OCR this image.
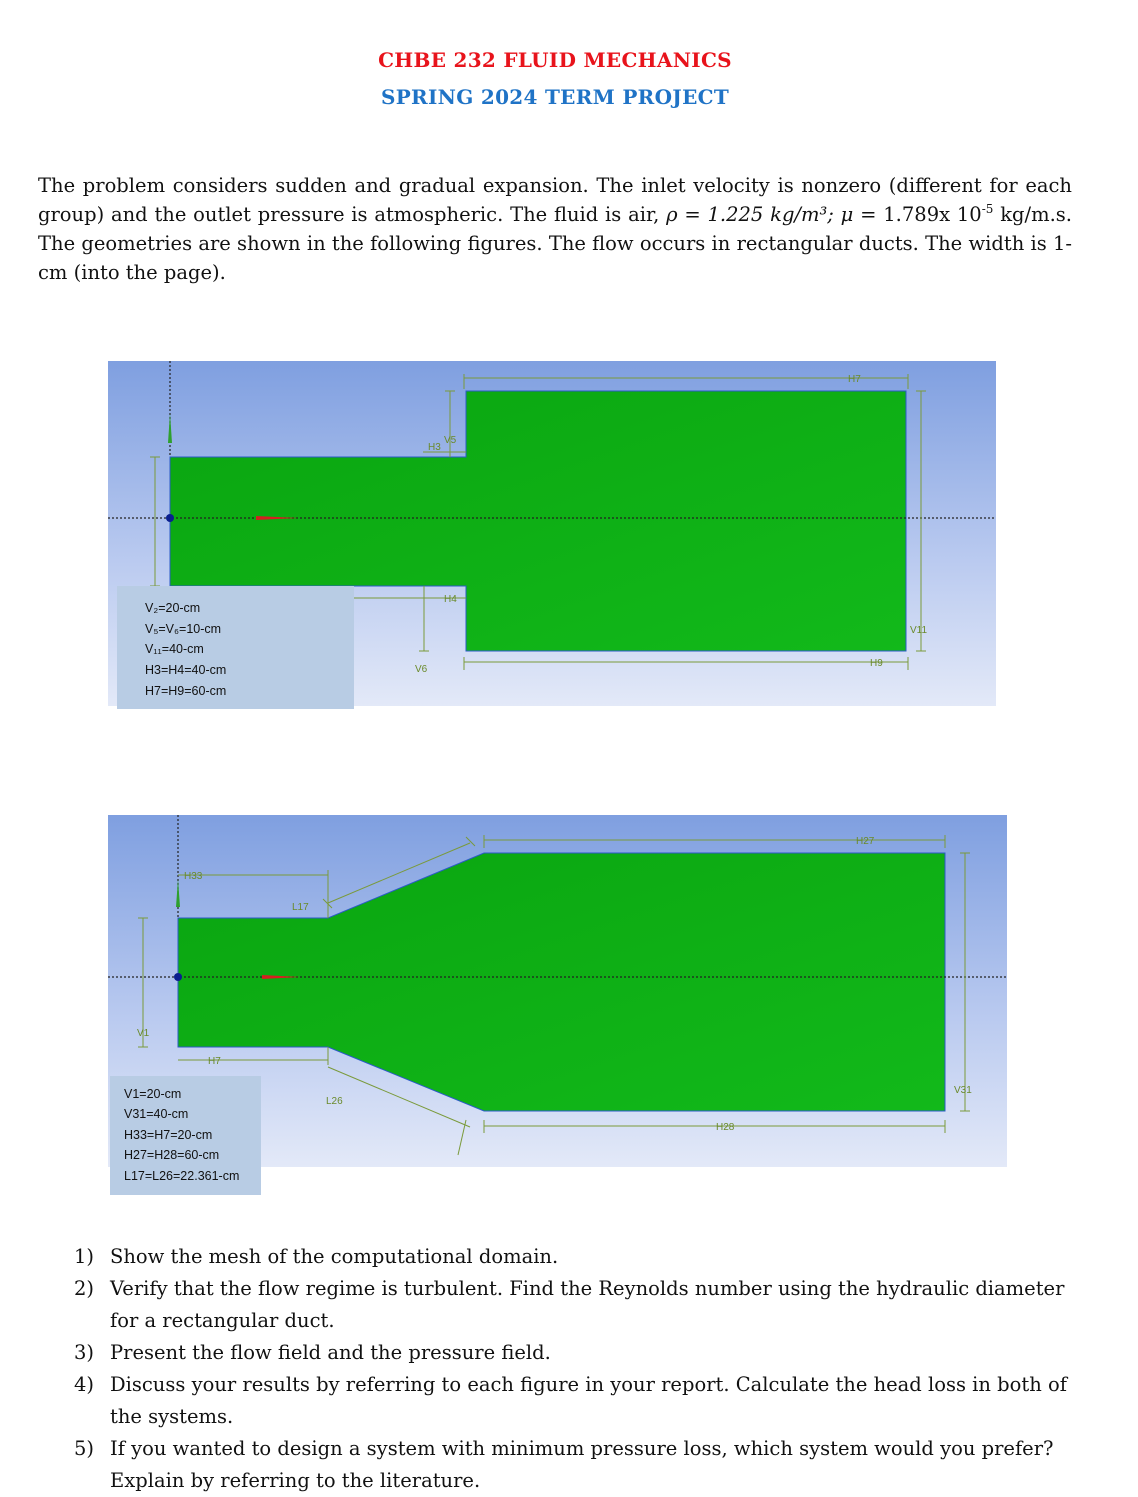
CHBE 232 FLUID MECHANICS
SPRING 2024 TERM PROJECT

The problem considers sudden and gradual expansion. The inlet velocity is nonzero (different for each group) and the outlet pressure is atmospheric. The fluid is air, ρ = 1.225 kg/m³; μ = 1.789x $10^{-5}$ kg/m.s. The geometries are shown in the following figures. The flow occurs in rectangular ducts. The width is 1-cm (into the page).

H7
H3
V5
H4
V6
V11
H9
V₂=20-cm
V₅=V₆=10-cm
V₁₁=40-cm
H3=H4=40-cm
H7=H9=60-cm
H33
L17
H27
V1
H7
L26
H28
V31
V1=20-cm
V31=40-cm
H33=H7=20-cm
H27=H28=60-cm
L17=L26=22.361-cm
1) Show the mesh of the computational domain.
2) Verify that the flow regime is turbulent. Find the Reynolds number using the hydraulic diameter for a rectangular duct.
3) Present the flow field and the pressure field.
4) Discuss your results by referring to each figure in your report. Calculate the head loss in both of the systems.
5) If you wanted to design a system with minimum pressure loss, which system would you prefer? Explain by referring to the literature.
